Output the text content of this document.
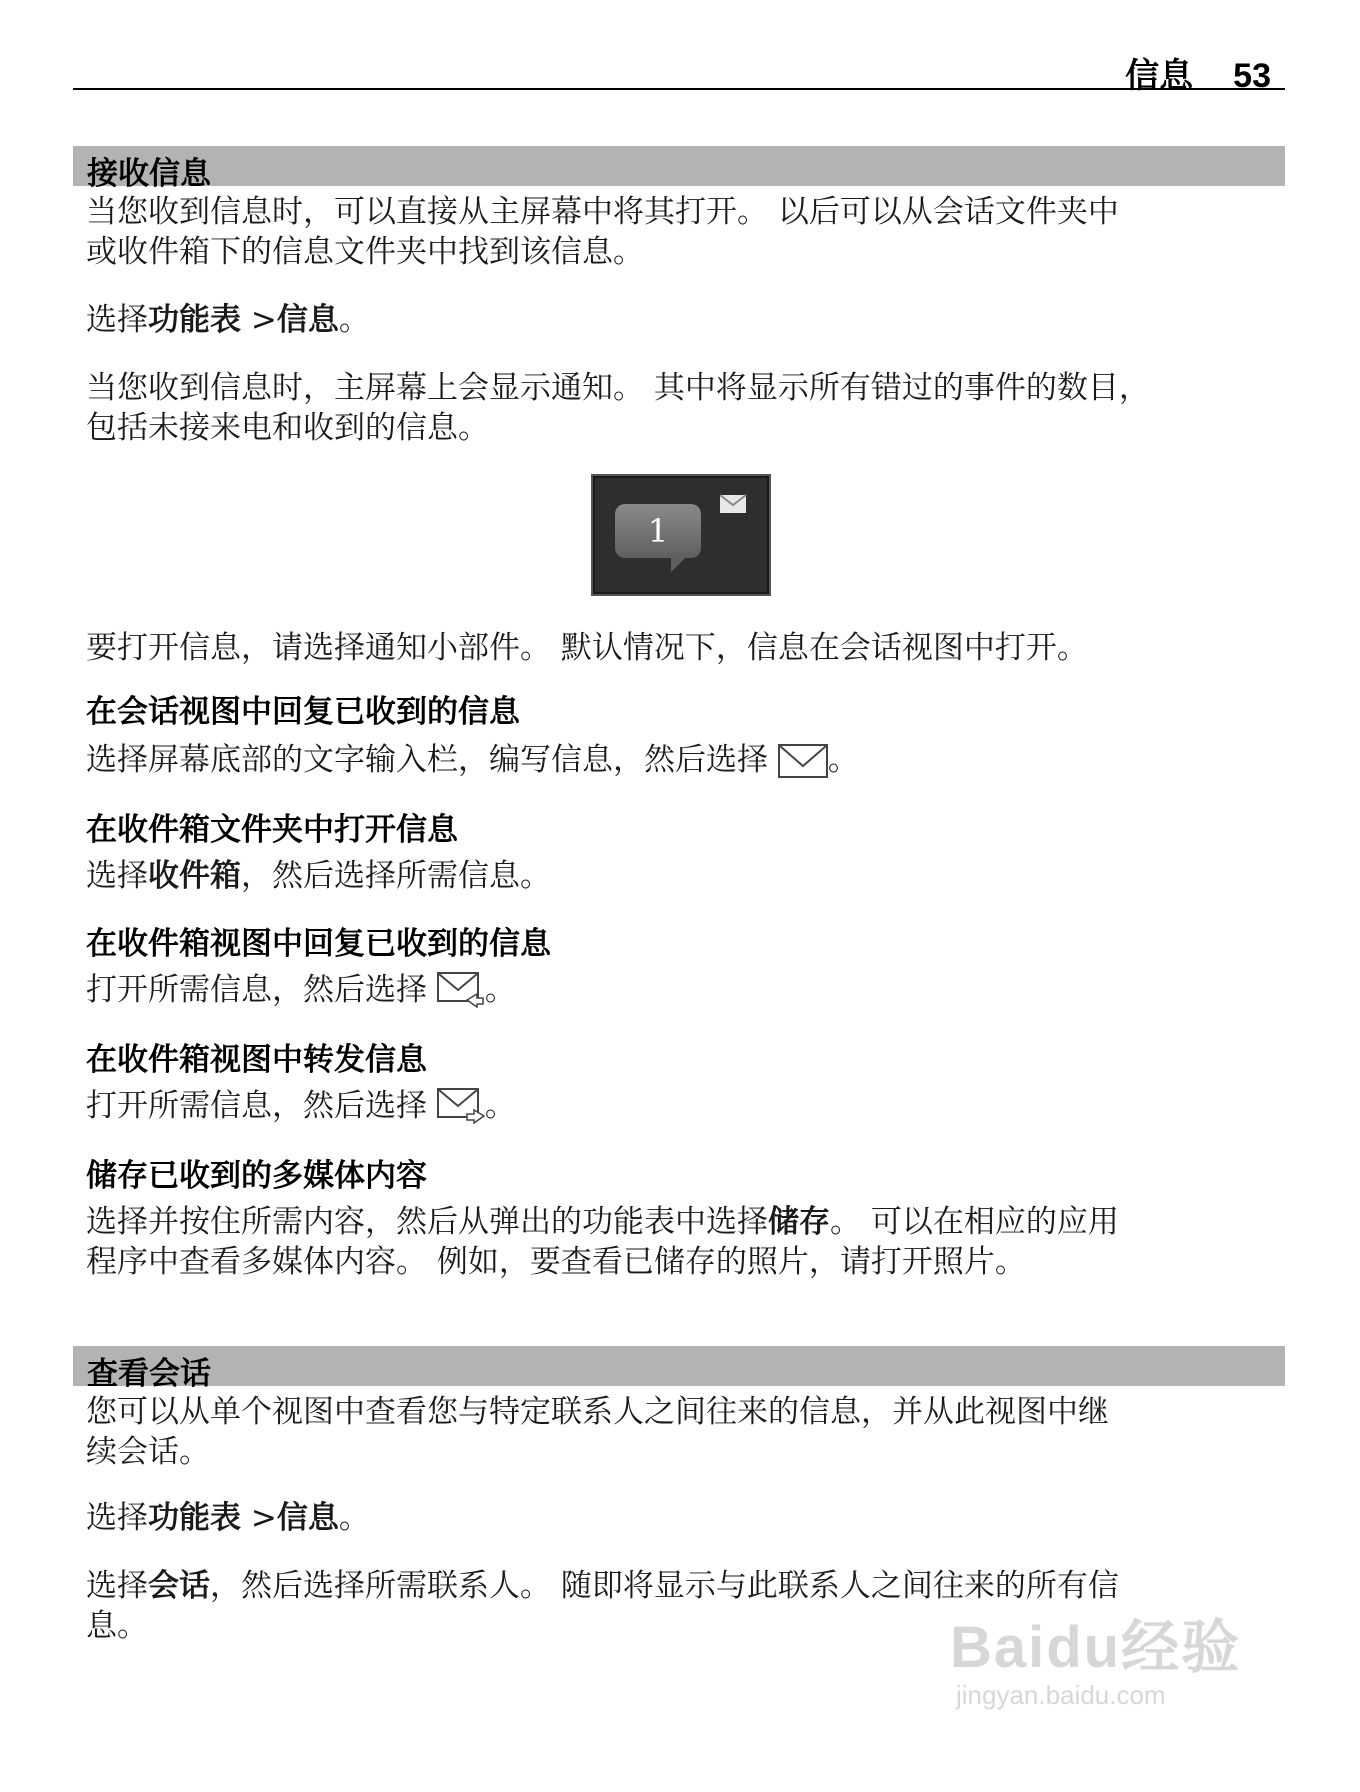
信息 53
接收信息
当您收到信息时，可以直接从主屏幕中将其打开。 以后可以从会话文件夹中
或收件箱下的信息文件夹中找到该信息。
选择功能表 >信息。
当您收到信息时，主屏幕上会显示通知。 其中将显示所有错过的事件的数目，
包括未接来电和收到的信息。
1
要打开信息，请选择通知小部件。 默认情况下，信息在会话视图中打开。
在会话视图中回复已收到的信息
选择屏幕底部的文字输入栏，编写信息，然后选择 。
在收件箱文件夹中打开信息
选择收件箱，然后选择所需信息。
在收件箱视图中回复已收到的信息
打开所需信息，然后选择 。
在收件箱视图中转发信息
打开所需信息，然后选择 。
储存已收到的多媒体内容
选择并按住所需内容，然后从弹出的功能表中选择储存。 可以在相应的应用
程序中查看多媒体内容。 例如，要查看已储存的照片，请打开照片。
查看会话
您可以从单个视图中查看您与特定联系人之间往来的信息，并从此视图中继
续会话。
选择功能表 >信息。
选择会话，然后选择所需联系人。 随即将显示与此联系人之间往来的所有信
息。	Baidu经验
jingyan.baidu.com
